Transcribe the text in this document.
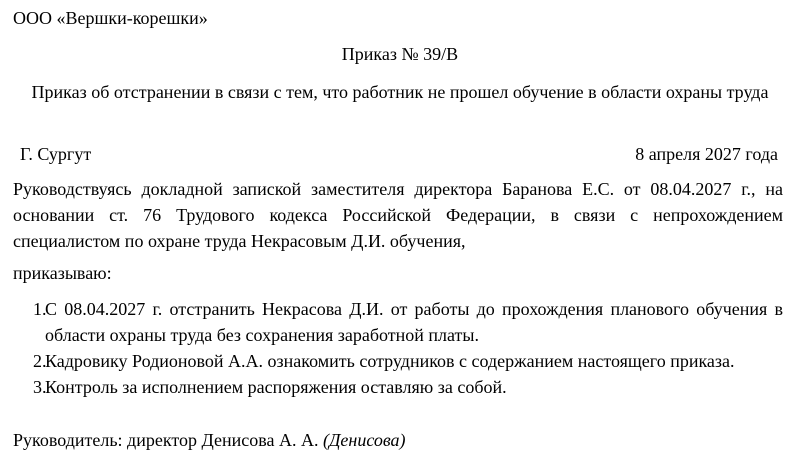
ООО «Вершки-корешки»
Приказ № 39/В
Приказ об отстранении в связи с тем, что работник не прошел обучение в области охраны труда
Г. Сургут	8 апреля 2027 года
Руководствуясь докладной запиской заместителя директора Баранова Е.С. от 08.04.2027 г., на основании ст. 76 Трудового кодекса Российской Федерации, в связи с непрохождением специалистом по охране труда Некрасовым Д.И. обучения,
приказываю:
1.
С 08.04.2027 г. отстранить Некрасова Д.И. от работы до прохождения планового обучения в области охраны труда без сохранения заработной платы.
2.
Кадровику Родионовой А.А. ознакомить сотрудников с содержанием настоящего приказа.
3.
Контроль за исполнением распоряжения оставляю за собой.
Руководитель: директор Денисова А. А. (Денисова)
